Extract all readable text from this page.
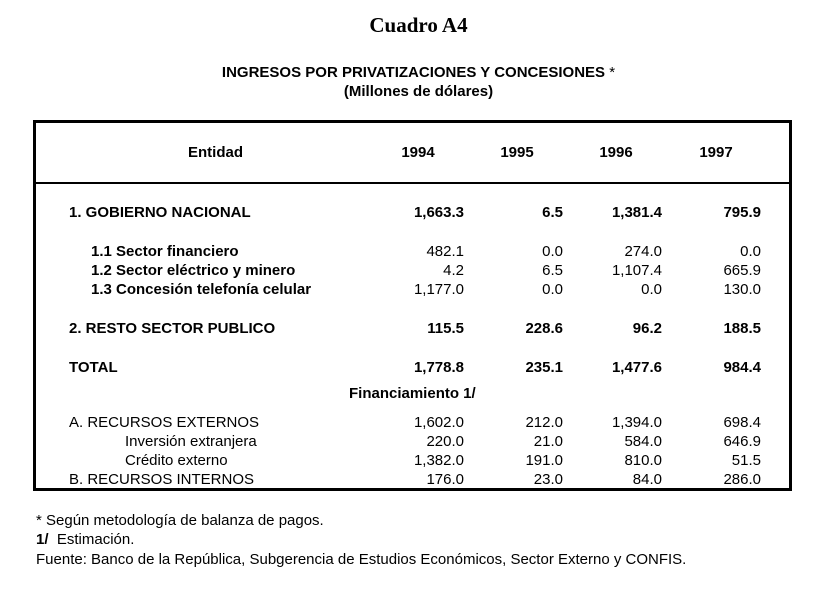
Cuadro A4
INGRESOS POR PRIVATIZACIONES Y CONCESIONES *
(Millones de dólares)
Entidad	1994	1995	1996	1997
1. GOBIERNO NACIONAL	1,663.3	6.5	1,381.4	795.9
1.1 Sector financiero	482.1	0.0	274.0	0.0
1.2 Sector eléctrico y minero	4.2	6.5	1,107.4	665.9
1.3 Concesión telefonía celular	1,177.0	0.0	0.0	130.0
2. RESTO SECTOR PUBLICO	115.5	228.6	96.2	188.5
TOTAL	1,778.8	235.1	1,477.6	984.4
Financiamiento 1/
A. RECURSOS EXTERNOS	1,602.0	212.0	1,394.0	698.4
Inversión extranjera	220.0	21.0	584.0	646.9
Crédito externo	1,382.0	191.0	810.0	51.5
B. RECURSOS INTERNOS	176.0	23.0	84.0	286.0
* Según metodología de balanza de pagos.
1/  Estimación.
Fuente: Banco de la República, Subgerencia de Estudios Económicos, Sector Externo y CONFIS.
